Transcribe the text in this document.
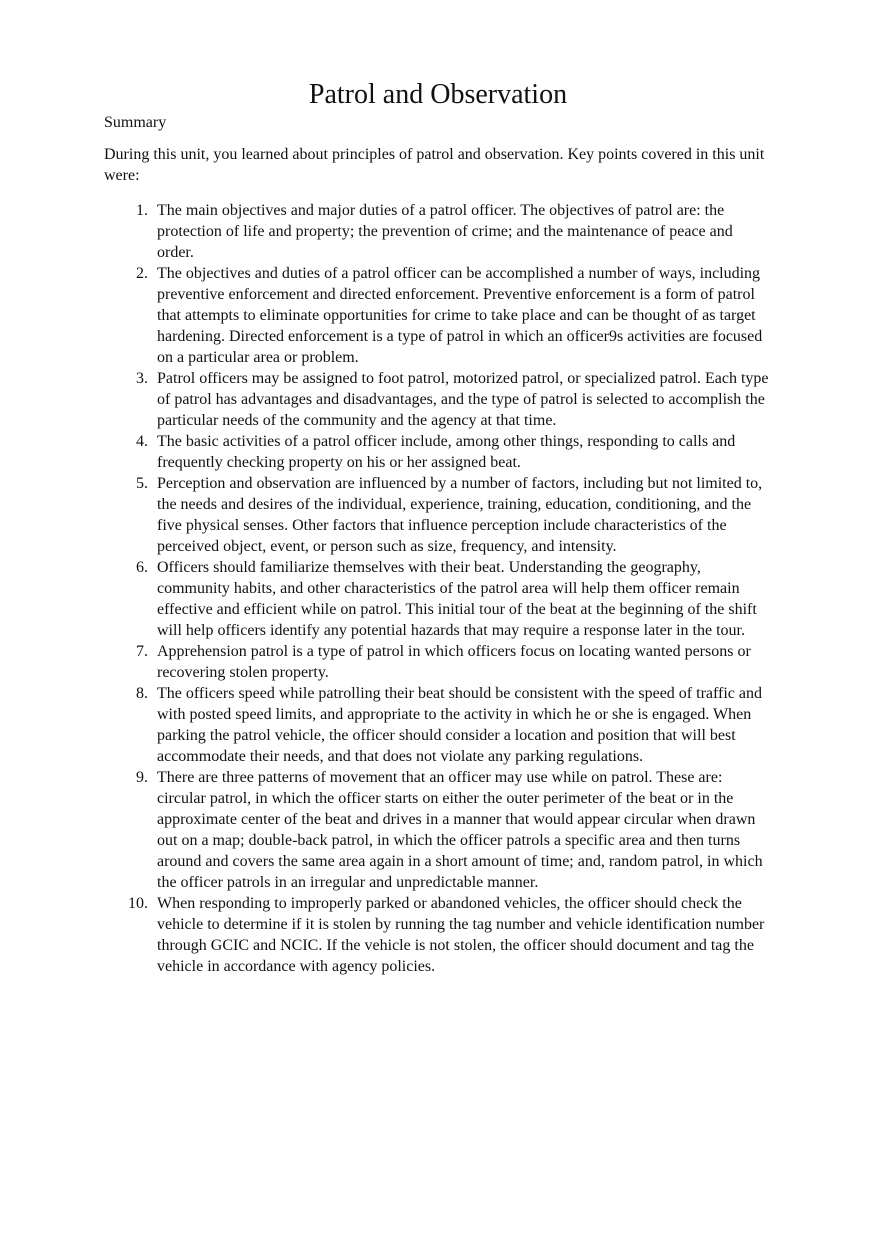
Patrol and Observation

Summary

During this unit, you learned about principles of patrol and observation. Key points covered in this unit were:

1. The main objectives and major duties of a patrol officer. The objectives of patrol are: the protection of life and property; the prevention of crime; and the maintenance of peace and order.
2. The objectives and duties of a patrol officer can be accomplished a number of ways, including preventive enforcement and directed enforcement. Preventive enforcement is a form of patrol that attempts to eliminate opportunities for crime to take place and can be thought of as target hardening. Directed enforcement is a type of patrol in which an officer9s activities are focused on a particular area or problem.
3. Patrol officers may be assigned to foot patrol, motorized patrol, or specialized patrol. Each type of patrol has advantages and disadvantages, and the type of patrol is selected to accomplish the particular needs of the community and the agency at that time.
4. The basic activities of a patrol officer include, among other things, responding to calls and frequently checking property on his or her assigned beat.
5. Perception and observation are influenced by a number of factors, including but not limited to, the needs and desires of the individual, experience, training, education, conditioning, and the five physical senses. Other factors that influence perception include characteristics of the perceived object, event, or person such as size, frequency, and intensity.
6. Officers should familiarize themselves with their beat. Understanding the geography, community habits, and other characteristics of the patrol area will help them officer remain effective and efficient while on patrol. This initial tour of the beat at the beginning of the shift will help officers identify any potential hazards that may require a response later in the tour.
7. Apprehension patrol is a type of patrol in which officers focus on locating wanted persons or recovering stolen property.
8. The officers speed while patrolling their beat should be consistent with the speed of traffic and with posted speed limits, and appropriate to the activity in which he or she is engaged. When parking the patrol vehicle, the officer should consider a location and position that will best accommodate their needs, and that does not violate any parking regulations.
9. There are three patterns of movement that an officer may use while on patrol. These are: circular patrol, in which the officer starts on either the outer perimeter of the beat or in the approximate center of the beat and drives in a manner that would appear circular when drawn out on a map; double-back patrol, in which the officer patrols a specific area and then turns around and covers the same area again in a short amount of time; and, random patrol, in which the officer patrols in an irregular and unpredictable manner.
10. When responding to improperly parked or abandoned vehicles, the officer should check the vehicle to determine if it is stolen by running the tag number and vehicle identification number through GCIC and NCIC. If the vehicle is not stolen, the officer should document and tag the vehicle in accordance with agency policies.
